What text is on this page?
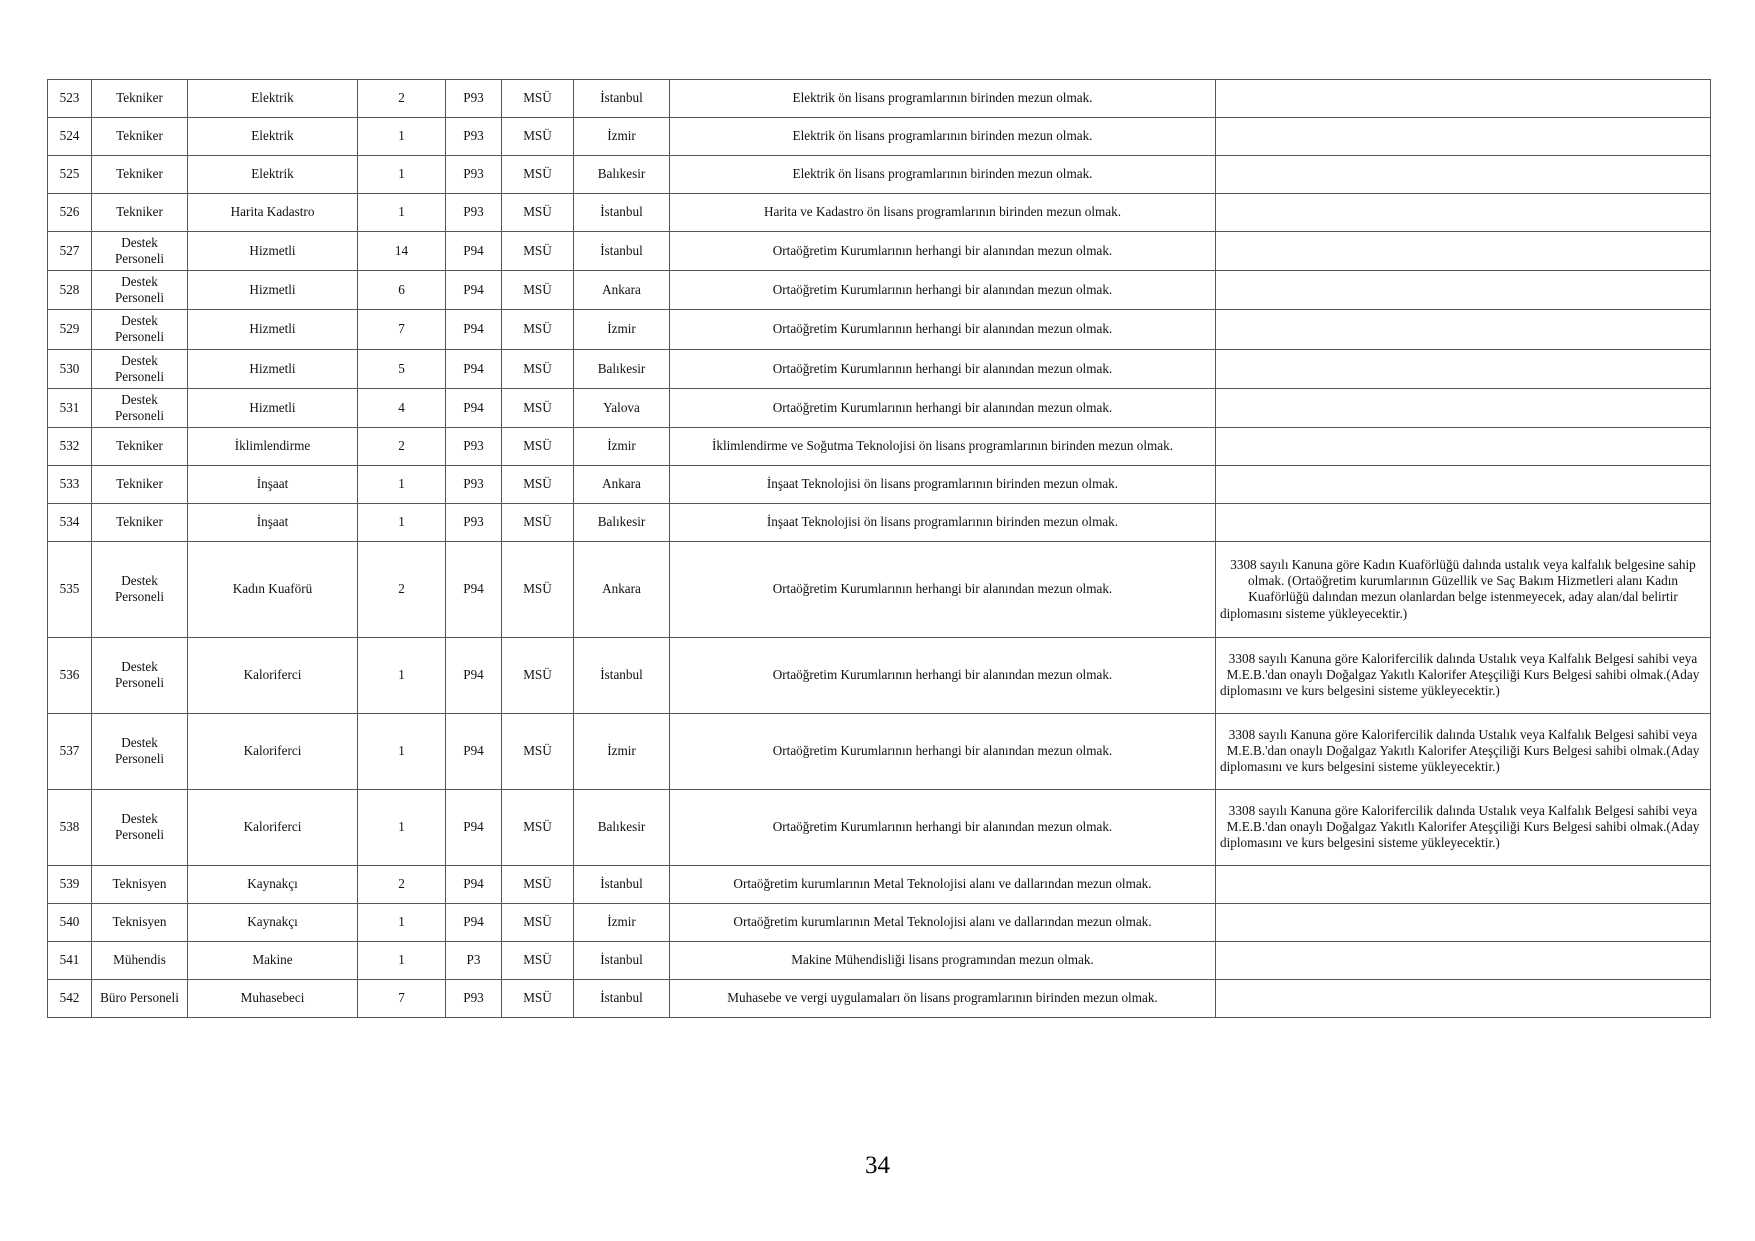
523	Tekniker	Elektrik	2	P93	MSÜ	İstanbul	Elektrik ön lisans programlarının birinden mezun olmak.	
524	Tekniker	Elektrik	1	P93	MSÜ	İzmir	Elektrik ön lisans programlarının birinden mezun olmak.	
525	Tekniker	Elektrik	1	P93	MSÜ	Balıkesir	Elektrik ön lisans programlarının birinden mezun olmak.	
526	Tekniker	Harita Kadastro	1	P93	MSÜ	İstanbul	Harita ve Kadastro ön lisans programlarının birinden mezun olmak.	
527	Destek Personeli	Hizmetli	14	P94	MSÜ	İstanbul	Ortaöğretim Kurumlarının herhangi bir alanından mezun olmak.	
528	Destek Personeli	Hizmetli	6	P94	MSÜ	Ankara	Ortaöğretim Kurumlarının herhangi bir alanından mezun olmak.	
529	Destek Personeli	Hizmetli	7	P94	MSÜ	İzmir	Ortaöğretim Kurumlarının herhangi bir alanından mezun olmak.	
530	Destek Personeli	Hizmetli	5	P94	MSÜ	Balıkesir	Ortaöğretim Kurumlarının herhangi bir alanından mezun olmak.	
531	Destek Personeli	Hizmetli	4	P94	MSÜ	Yalova	Ortaöğretim Kurumlarının herhangi bir alanından mezun olmak.	
532	Tekniker	İklimlendirme	2	P93	MSÜ	İzmir	İklimlendirme ve Soğutma Teknolojisi ön lisans programlarının birinden mezun olmak.	
533	Tekniker	İnşaat	1	P93	MSÜ	Ankara	İnşaat Teknolojisi ön lisans programlarının birinden mezun olmak.	
534	Tekniker	İnşaat	1	P93	MSÜ	Balıkesir	İnşaat Teknolojisi ön lisans programlarının birinden mezun olmak.	
535	Destek Personeli	Kadın Kuaförü	2	P94	MSÜ	Ankara	Ortaöğretim Kurumlarının herhangi bir alanından mezun olmak.	3308 sayılı Kanuna göre Kadın Kuaförlüğü dalında ustalık veya kalfalık belgesine sahip olmak. (Ortaöğretim kurumlarının Güzellik ve Saç Bakım Hizmetleri alanı Kadın Kuaförlüğü dalından mezun olanlardan belge istenmeyecek, aday alan/dal belirtir diplomasını sisteme yükleyecektir.)
536	Destek Personeli	Kaloriferci	1	P94	MSÜ	İstanbul	Ortaöğretim Kurumlarının herhangi bir alanından mezun olmak.	3308 sayılı Kanuna göre Kalorifercilik dalında Ustalık veya Kalfalık Belgesi sahibi veya M.E.B.'dan onaylı Doğalgaz Yakıtlı Kalorifer Ateşçiliği Kurs Belgesi sahibi olmak.(Aday diplomasını ve kurs belgesini sisteme yükleyecektir.)
537	Destek Personeli	Kaloriferci	1	P94	MSÜ	İzmir	Ortaöğretim Kurumlarının herhangi bir alanından mezun olmak.	3308 sayılı Kanuna göre Kalorifercilik dalında Ustalık veya Kalfalık Belgesi sahibi veya M.E.B.'dan onaylı Doğalgaz Yakıtlı Kalorifer Ateşçiliği Kurs Belgesi sahibi olmak.(Aday diplomasını ve kurs belgesini sisteme yükleyecektir.)
538	Destek Personeli	Kaloriferci	1	P94	MSÜ	Balıkesir	Ortaöğretim Kurumlarının herhangi bir alanından mezun olmak.	3308 sayılı Kanuna göre Kalorifercilik dalında Ustalık veya Kalfalık Belgesi sahibi veya M.E.B.'dan onaylı Doğalgaz Yakıtlı Kalorifer Ateşçiliği Kurs Belgesi sahibi olmak.(Aday diplomasını ve kurs belgesini sisteme yükleyecektir.)
539	Teknisyen	Kaynakçı	2	P94	MSÜ	İstanbul	Ortaöğretim kurumlarının Metal Teknolojisi alanı ve dallarından mezun olmak.	
540	Teknisyen	Kaynakçı	1	P94	MSÜ	İzmir	Ortaöğretim kurumlarının Metal Teknolojisi alanı ve dallarından mezun olmak.	
541	Mühendis	Makine	1	P3	MSÜ	İstanbul	Makine Mühendisliği lisans programından mezun olmak.	
542	Büro Personeli	Muhasebeci	7	P93	MSÜ	İstanbul	Muhasebe ve vergi uygulamaları ön lisans programlarının birinden mezun olmak.	
34
